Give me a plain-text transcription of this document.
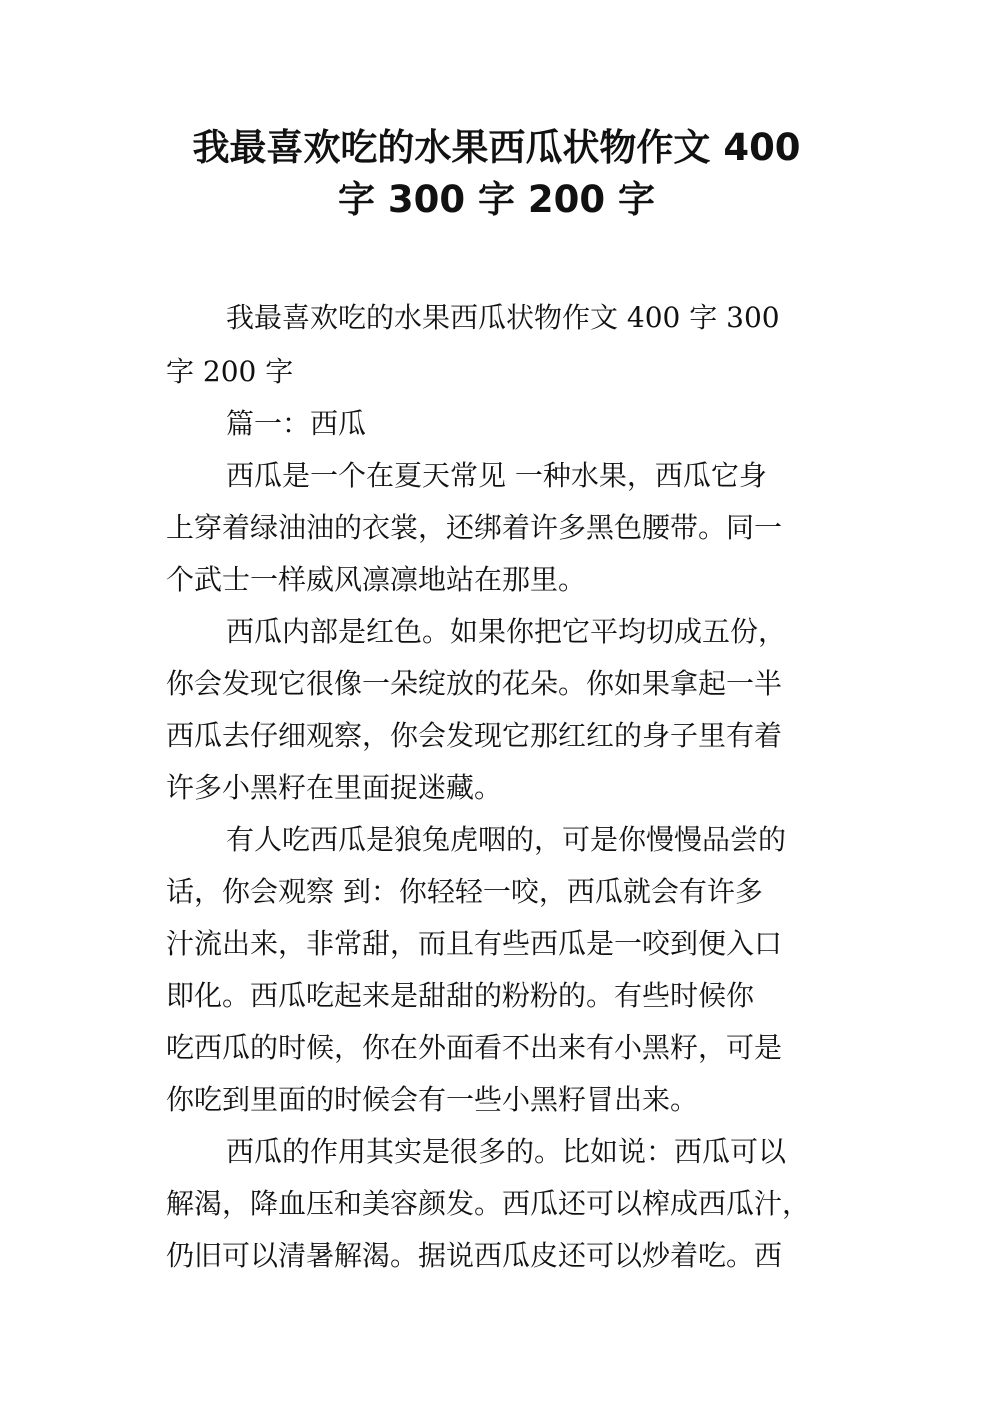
我最喜欢吃的水果西瓜状物作文 400
字 300 字 200 字

我最喜欢吃的水果西瓜状物作文 400 字 300

字 200 字

篇一：西瓜

西瓜是一个在夏天常见 一种水果，西瓜它身

上穿着绿油油的衣裳，还绑着许多黑色腰带。同一

个武士一样威风凛凛地站在那里。

西瓜内部是红色。如果你把它平均切成五份，

你会发现它很像一朵绽放的花朵。你如果拿起一半

西瓜去仔细观察，你会发现它那红红的身子里有着

许多小黑籽在里面捉迷藏。

有人吃西瓜是狼兔虎咽的，可是你慢慢品尝的

话，你会观察 到：你轻轻一咬，西瓜就会有许多

汁流出来，非常甜，而且有些西瓜是一咬到便入口

即化。西瓜吃起来是甜甜的粉粉的。有些时候你

吃西瓜的时候，你在外面看不出来有小黑籽，可是

你吃到里面的时候会有一些小黑籽冒出来。

西瓜的作用其实是很多的。比如说：西瓜可以

解渴，降血压和美容颜发。西瓜还可以榨成西瓜汁，

仍旧可以清暑解渴。据说西瓜皮还可以炒着吃。西
